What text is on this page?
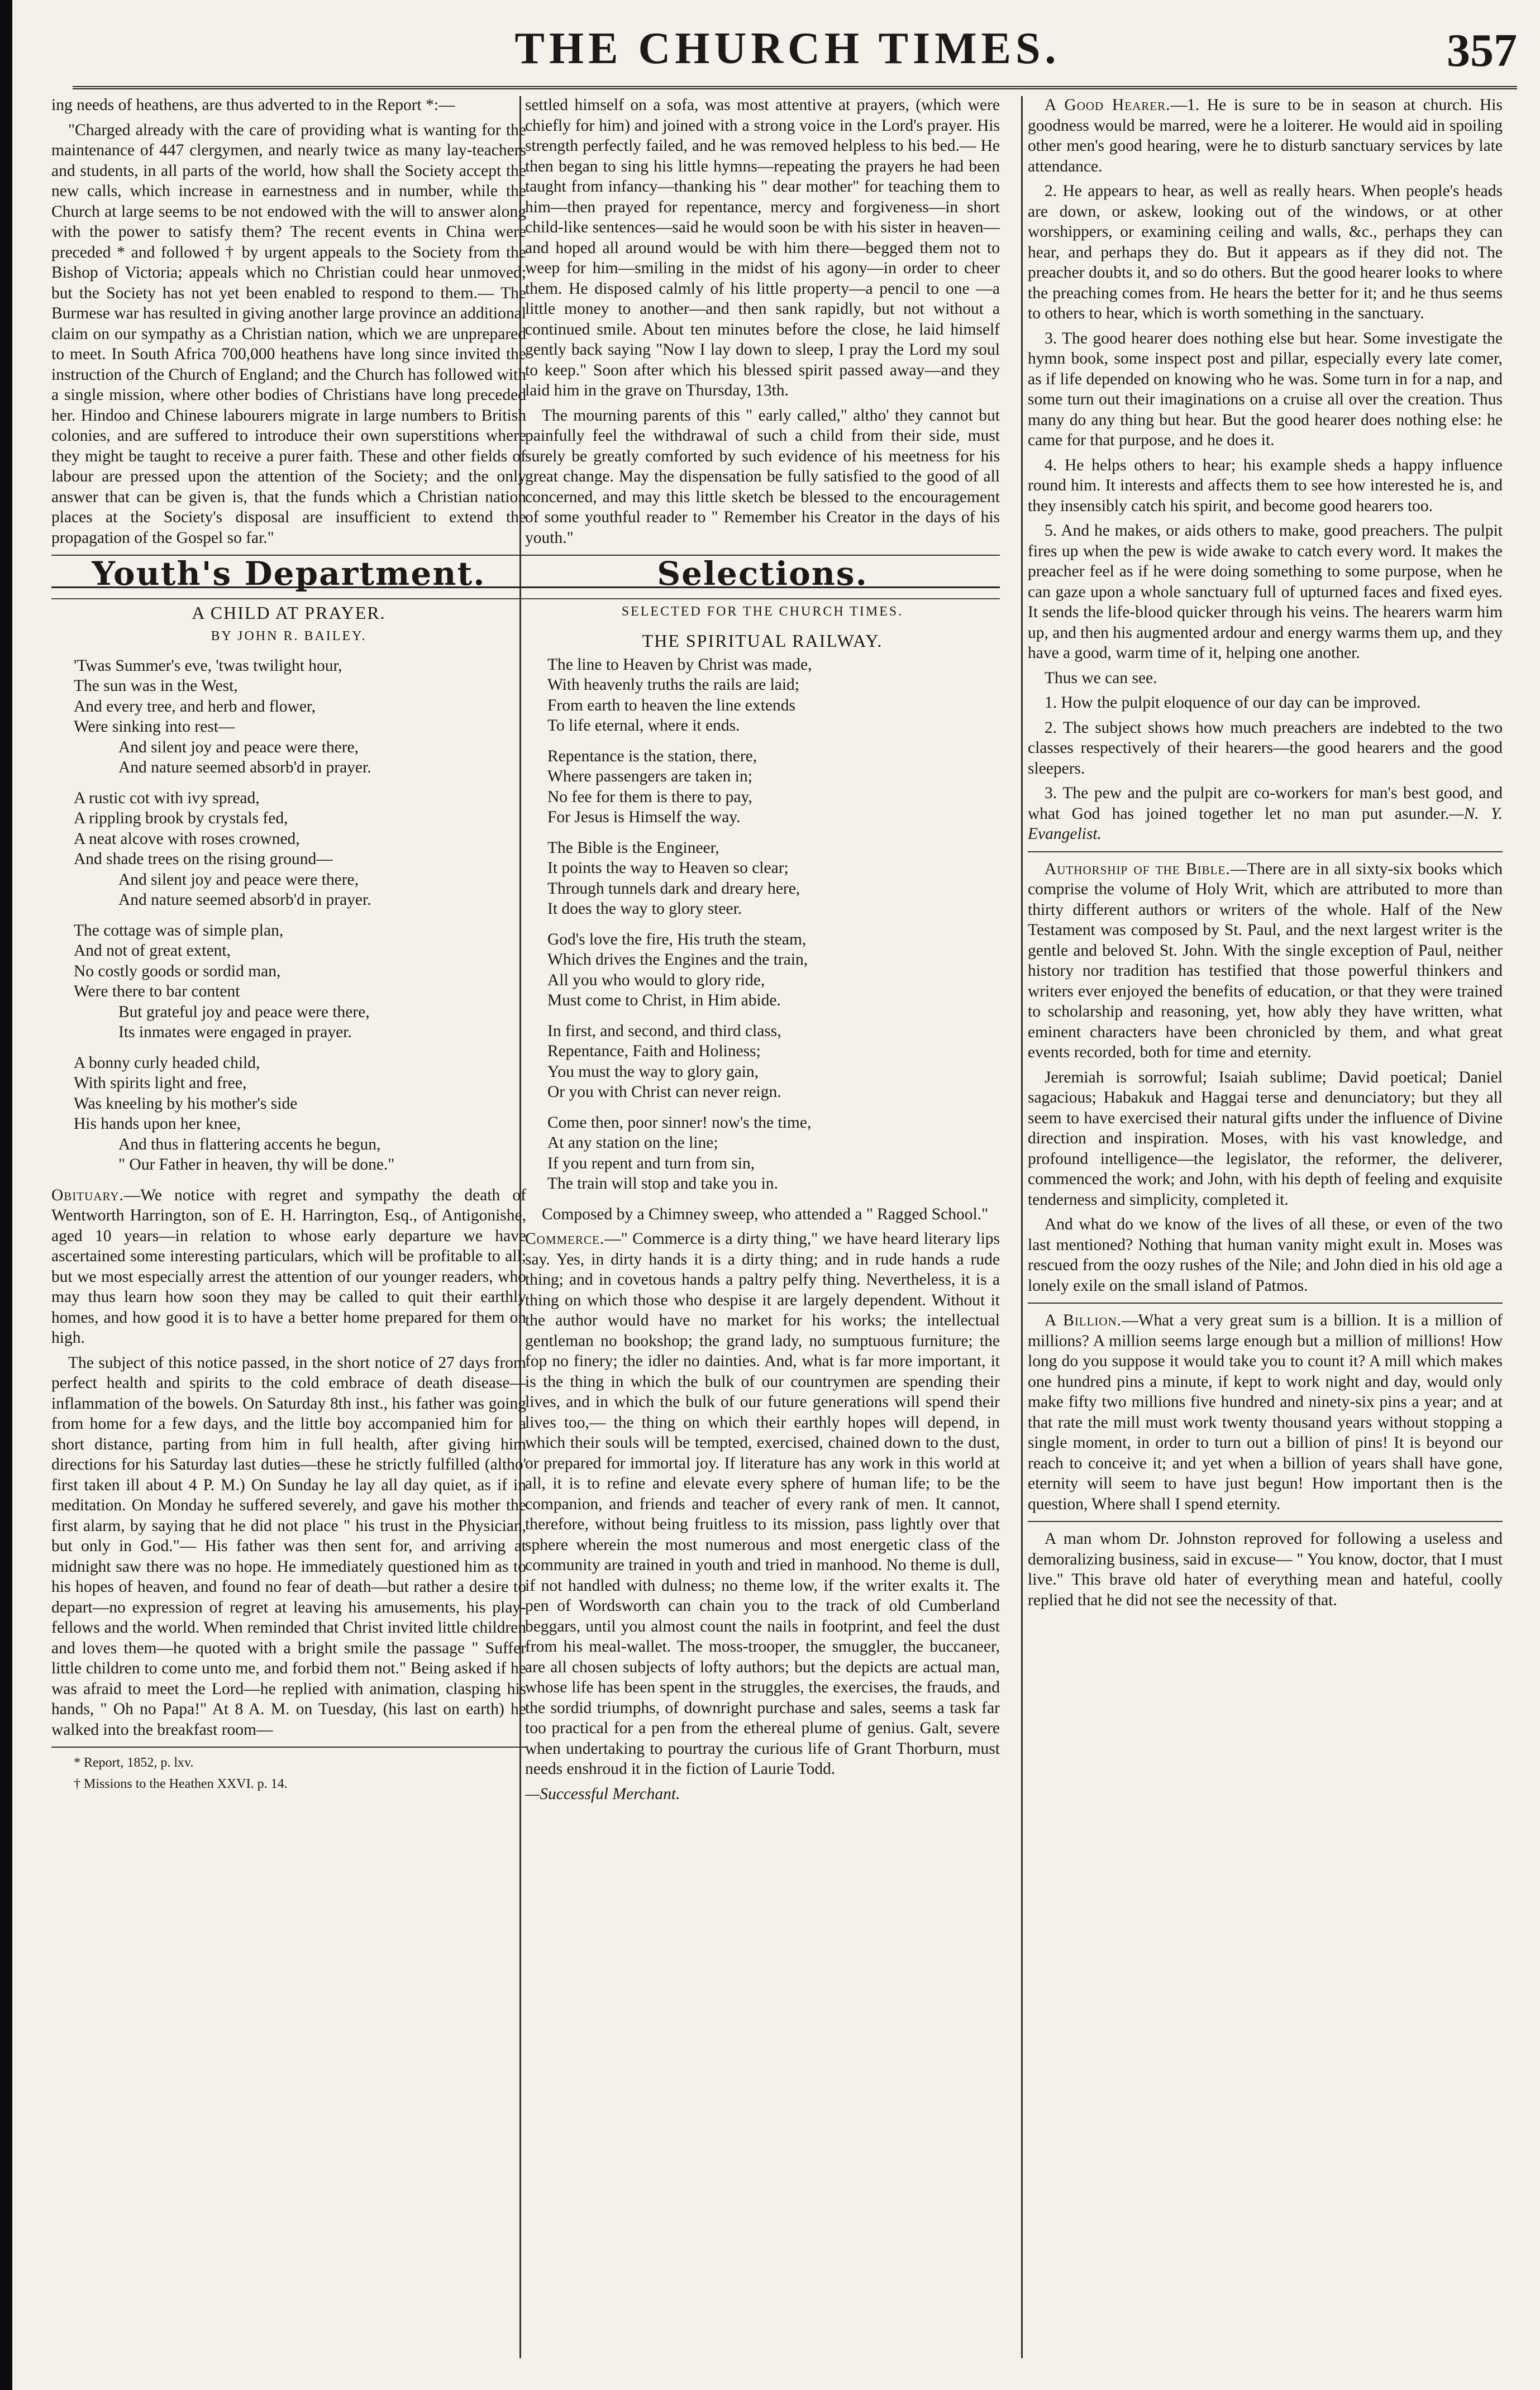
THE CHURCH TIMES.	357

ing needs of heathens, are thus adverted to in the Report *:—

"Charged already with the care of providing what is wanting for the maintenance of 447 clergymen, and nearly twice as many lay-teachers and students, in all parts of the world, how shall the Society accept the new calls, which increase in earnestness and in number, while the Church at large seems to be not endowed with the will to answer along with the power to satisfy them? The recent events in China were preceded * and followed † by urgent appeals to the Society from the Bishop of Victoria; appeals which no Christian could hear unmoved; but the Society has not yet been enabled to respond to them.— The Burmese war has resulted in giving another large province an additional claim on our sympathy as a Christian nation, which we are unprepared to meet. In South Africa 700,000 heathens have long since invited the instruction of the Church of England; and the Church has followed with a single mission, where other bodies of Christians have long preceded her. Hindoo and Chinese labourers migrate in large numbers to British colonies, and are suffered to introduce their own superstitions where they might be taught to receive a purer faith. These and other fields of labour are pressed upon the attention of the Society; and the only answer that can be given is, that the funds which a Christian nation places at the Society's disposal are insufficient to extend the propagation of the Gospel so far."

Youth's Department.
A CHILD AT PRAYER.
BY JOHN R. BAILEY.

'Twas Summer's eve, 'twas twilight hour,

The sun was in the West,

And every tree, and herb and flower,

Were sinking into rest—

And silent joy and peace were there,

And nature seemed absorb'd in prayer.

A rustic cot with ivy spread,

A rippling brook by crystals fed,

A neat alcove with roses crowned,

And shade trees on the rising ground—

And silent joy and peace were there,

And nature seemed absorb'd in prayer.

The cottage was of simple plan,

And not of great extent,

No costly goods or sordid man,

Were there to bar content

But grateful joy and peace were there,

Its inmates were engaged in prayer.

A bonny curly headed child,

With spirits light and free,

Was kneeling by his mother's side

His hands upon her knee,

And thus in flattering accents he begun,

" Our Father in heaven, thy will be done."

Obituary.—We notice with regret and sympathy the death of Wentworth Harrington, son of E. H. Harrington, Esq., of Antigonishe, aged 10 years—in relation to whose early departure we have ascertained some interesting particulars, which will be profitable to all; but we most especially arrest the attention of our younger readers, who may thus learn how soon they may be called to quit their earthly homes, and how good it is to have a better home prepared for them on high.

The subject of this notice passed, in the short notice of 27 days from perfect health and spirits to the cold embrace of death disease—inflammation of the bowels. On Saturday 8th inst., his father was going from home for a few days, and the little boy accompanied him for a short distance, parting from him in full health, after giving him directions for his Saturday last duties—these he strictly fulfilled (altho' first taken ill about 4 P. M.) On Sunday he lay all day quiet, as if in meditation. On Monday he suffered severely, and gave his mother the first alarm, by saying that he did not place " his trust in the Physician, but only in God."— His father was then sent for, and arriving at midnight saw there was no hope. He immediately questioned him as to his hopes of heaven, and found no fear of death—but rather a desire to depart—no expression of regret at leaving his amusements, his play-fellows and the world. When reminded that Christ invited little children and loves them—he quoted with a bright smile the passage " Suffer little children to come unto me, and forbid them not." Being asked if he was afraid to meet the Lord—he replied with animation, clasping his hands, " Oh no Papa!" At 8 A. M. on Tuesday, (his last on earth) he walked into the breakfast room—

* Report, 1852, p. lxv.

† Missions to the Heathen XXVI. p. 14.

settled himself on a sofa, was most attentive at prayers, (which were chiefly for him) and joined with a strong voice in the Lord's prayer. His strength perfectly failed, and he was removed helpless to his bed.— He then began to sing his little hymns—repeating the prayers he had been taught from infancy—thanking his " dear mother" for teaching them to him—then prayed for repentance, mercy and forgiveness—in short child-like sentences—said he would soon be with his sister in heaven—and hoped all around would be with him there—begged them not to weep for him—smiling in the midst of his agony—in order to cheer them. He disposed calmly of his little property—a pencil to one —a little money to another—and then sank rapidly, but not without a continued smile. About ten minutes before the close, he laid himself gently back saying "Now I lay down to sleep, I pray the Lord my soul to keep." Soon after which his blessed spirit passed away—and they laid him in the grave on Thursday, 13th.

The mourning parents of this " early called," altho' they cannot but painfully feel the withdrawal of such a child from their side, must surely be greatly comforted by such evidence of his meetness for his great change. May the dispensation be fully satisfied to the good of all concerned, and may this little sketch be blessed to the encouragement of some youthful reader to " Remember his Creator in the days of his youth."

Selections.
SELECTED FOR THE CHURCH TIMES.
THE SPIRITUAL RAILWAY.

The line to Heaven by Christ was made,

With heavenly truths the rails are laid;

From earth to heaven the line extends

To life eternal, where it ends.

Repentance is the station, there,

Where passengers are taken in;

No fee for them is there to pay,

For Jesus is Himself the way.

The Bible is the Engineer,

It points the way to Heaven so clear;

Through tunnels dark and dreary here,

It does the way to glory steer.

God's love the fire, His truth the steam,

Which drives the Engines and the train,

All you who would to glory ride,

Must come to Christ, in Him abide.

In first, and second, and third class,

Repentance, Faith and Holiness;

You must the way to glory gain,

Or you with Christ can never reign.

Come then, poor sinner! now's the time,

At any station on the line;

If you repent and turn from sin,

The train will stop and take you in.

Composed by a Chimney sweep, who attended a " Ragged School."

Commerce.—" Commerce is a dirty thing," we have heard literary lips say. Yes, in dirty hands it is a dirty thing; and in rude hands a rude thing; and in covetous hands a paltry pelfy thing. Nevertheless, it is a thing on which those who despise it are largely dependent. Without it the author would have no market for his works; the intellectual gentleman no bookshop; the grand lady, no sumptuous furniture; the fop no finery; the idler no dainties. And, what is far more important, it is the thing in which the bulk of our countrymen are spending their lives, and in which the bulk of our future generations will spend their lives too,— the thing on which their earthly hopes will depend, in which their souls will be tempted, exercised, chained down to the dust, or prepared for immortal joy. If literature has any work in this world at all, it is to refine and elevate every sphere of human life; to be the companion, and friends and teacher of every rank of men. It cannot, therefore, without being fruitless to its mission, pass lightly over that sphere wherein the most numerous and most energetic class of the community are trained in youth and tried in manhood. No theme is dull, if not handled with dulness; no theme low, if the writer exalts it. The pen of Wordsworth can chain you to the track of old Cumberland beggars, until you almost count the nails in footprint, and feel the dust from his meal-wallet. The moss-trooper, the smuggler, the buccaneer, are all chosen subjects of lofty authors; but the depicts are actual man, whose life has been spent in the struggles, the exercises, the frauds, and the sordid triumphs, of downright purchase and sales, seems a task far too practical for a pen from the ethereal plume of genius. Galt, severe when undertaking to pourtray the curious life of Grant Thorburn, must needs enshroud it in the fiction of Laurie Todd.

—Successful Merchant.

A Good Hearer.—1. He is sure to be in season at church. His goodness would be marred, were he a loiterer. He would aid in spoiling other men's good hearing, were he to disturb sanctuary services by late attendance.

2. He appears to hear, as well as really hears. When people's heads are down, or askew, looking out of the windows, or at other worshippers, or examining ceiling and walls, &c., perhaps they can hear, and perhaps they do. But it appears as if they did not. The preacher doubts it, and so do others. But the good hearer looks to where the preaching comes from. He hears the better for it; and he thus seems to others to hear, which is worth something in the sanctuary.

3. The good hearer does nothing else but hear. Some investigate the hymn book, some inspect post and pillar, especially every late comer, as if life depended on knowing who he was. Some turn in for a nap, and some turn out their imaginations on a cruise all over the creation. Thus many do any thing but hear. But the good hearer does nothing else: he came for that purpose, and he does it.

4. He helps others to hear; his example sheds a happy influence round him. It interests and affects them to see how interested he is, and they insensibly catch his spirit, and become good hearers too.

5. And he makes, or aids others to make, good preachers. The pulpit fires up when the pew is wide awake to catch every word. It makes the preacher feel as if he were doing something to some purpose, when he can gaze upon a whole sanctuary full of upturned faces and fixed eyes. It sends the life-blood quicker through his veins. The hearers warm him up, and then his augmented ardour and energy warms them up, and they have a good, warm time of it, helping one another.

Thus we can see.

1. How the pulpit eloquence of our day can be improved.

2. The subject shows how much preachers are indebted to the two classes respectively of their hearers—the good hearers and the good sleepers.

3. The pew and the pulpit are co-workers for man's best good, and what God has joined together let no man put asunder.—N. Y. Evangelist.

Authorship of the Bible.—There are in all sixty-six books which comprise the volume of Holy Writ, which are attributed to more than thirty different authors or writers of the whole. Half of the New Testament was composed by St. Paul, and the next largest writer is the gentle and beloved St. John. With the single exception of Paul, neither history nor tradition has testified that those powerful thinkers and writers ever enjoyed the benefits of education, or that they were trained to scholarship and reasoning, yet, how ably they have written, what eminent characters have been chronicled by them, and what great events recorded, both for time and eternity.

Jeremiah is sorrowful; Isaiah sublime; David poetical; Daniel sagacious; Habakuk and Haggai terse and denunciatory; but they all seem to have exercised their natural gifts under the influence of Divine direction and inspiration. Moses, with his vast knowledge, and profound intelligence—the legislator, the reformer, the deliverer, commenced the work; and John, with his depth of feeling and exquisite tenderness and simplicity, completed it.

And what do we know of the lives of all these, or even of the two last mentioned? Nothing that human vanity might exult in. Moses was rescued from the oozy rushes of the Nile; and John died in his old age a lonely exile on the small island of Patmos.

A Billion.—What a very great sum is a billion. It is a million of millions? A million seems large enough but a million of millions! How long do you suppose it would take you to count it? A mill which makes one hundred pins a minute, if kept to work night and day, would only make fifty two millions five hundred and ninety-six pins a year; and at that rate the mill must work twenty thousand years without stopping a single moment, in order to turn out a billion of pins! It is beyond our reach to conceive it; and yet when a billion of years shall have gone, eternity will seem to have just begun! How important then is the question, Where shall I spend eternity.

A man whom Dr. Johnston reproved for following a useless and demoralizing business, said in excuse— " You know, doctor, that I must live." This brave old hater of everything mean and hateful, coolly replied that he did not see the necessity of that.
